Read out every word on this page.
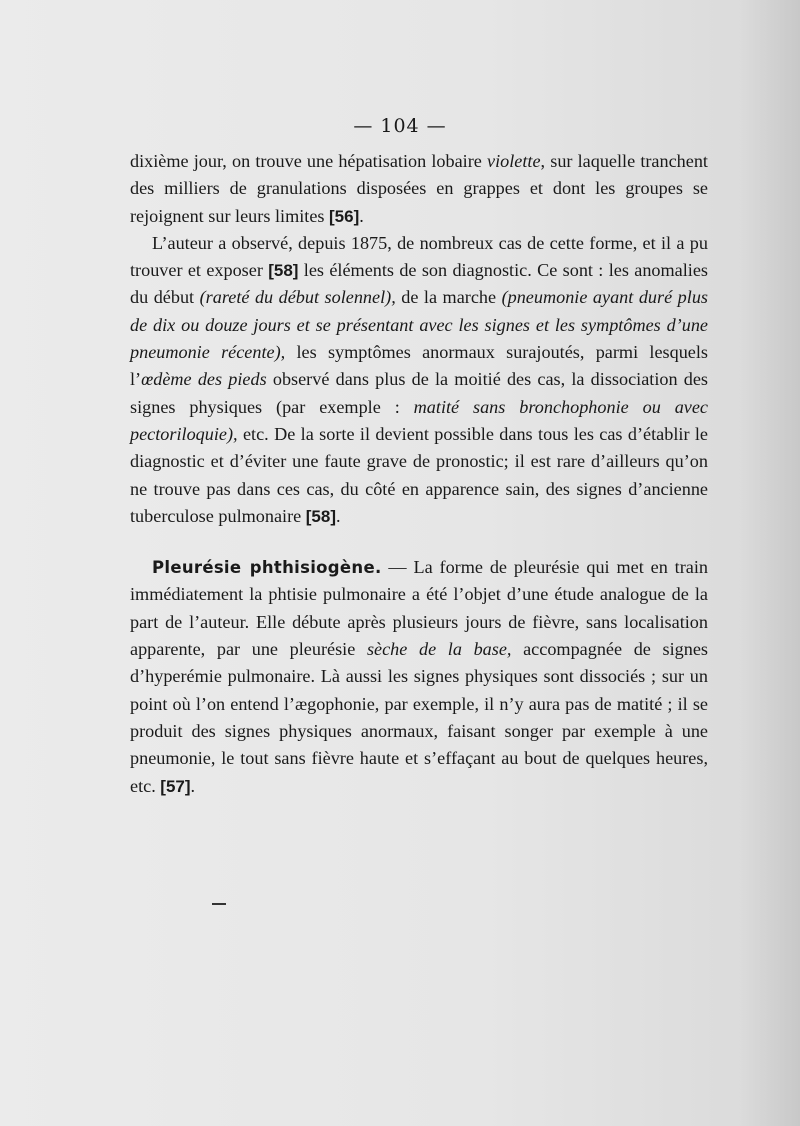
— 104 —

dixième jour, on trouve une hépatisation lobaire violette, sur laquelle tranchent des milliers de granulations disposées en grappes et dont les groupes se rejoignent sur leurs limites [56].

L’auteur a observé, depuis 1875, de nombreux cas de cette forme, et il a pu trouver et exposer [58] les éléments de son diagnostic. Ce sont : les anomalies du début (rareté du début solennel), de la marche (pneumonie ayant duré plus de dix ou douze jours et se présentant avec les signes et les symptômes d’une pneumonie récente), les symptômes anormaux surajoutés, parmi lesquels l’œdème des pieds observé dans plus de la moitié des cas, la dissociation des signes physiques (par exemple : matité sans bronchophonie ou avec pectoriloquie), etc. De la sorte il devient possible dans tous les cas d’établir le diagnostic et d’éviter une faute grave de pronostic; il est rare d’ailleurs qu’on ne trouve pas dans ces cas, du côté en apparence sain, des signes d’ancienne tuberculose pulmonaire [58].

Pleurésie phthisiogène. — La forme de pleurésie qui met en train immédiatement la phtisie pulmonaire a été l’objet d’une étude analogue de la part de l’auteur. Elle débute après plusieurs jours de fièvre, sans localisation apparente, par une pleurésie sèche de la base, accompagnée de signes d’hyperémie pulmonaire. Là aussi les signes physiques sont dissociés ; sur un point où l’on entend l’ægophonie, par exemple, il n’y aura pas de matité ; il se produit des signes physiques anormaux, faisant songer par exemple à une pneumonie, le tout sans fièvre haute et s’effaçant au bout de quelques heures, etc. [57].
